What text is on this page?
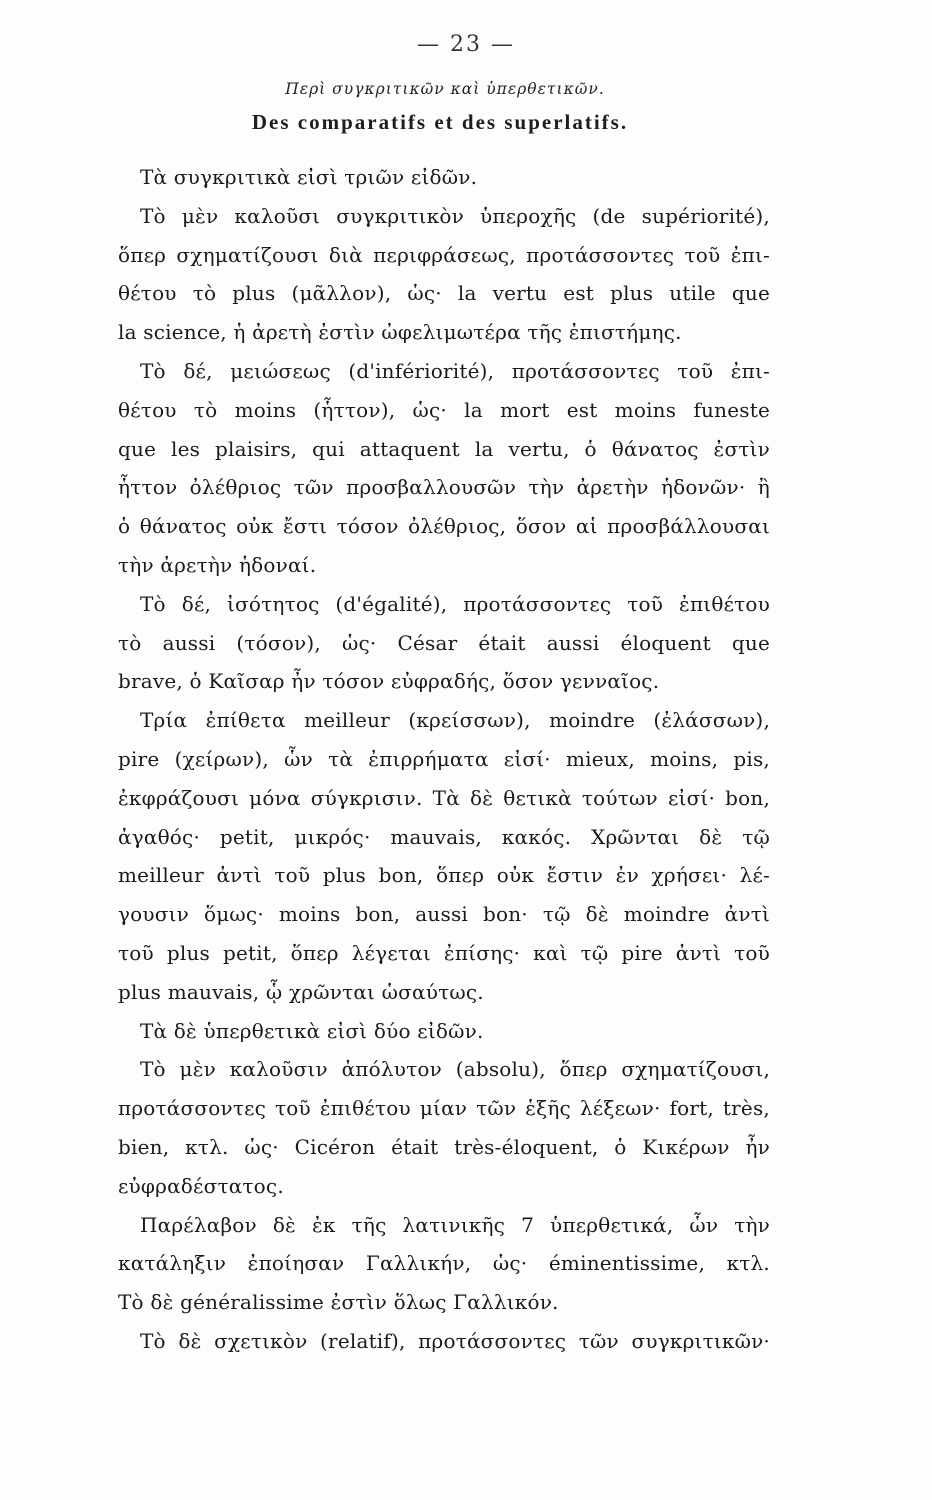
— 23 —
Περὶ συγκριτικῶν καὶ ὑπερθετικῶν.
Des comparatifs et des superlatifs.
Τὰ συγκριτικὰ εἰσὶ τριῶν εἰδῶν.
Τὸ μὲν καλοῦσι συγκριτικὸν ὑπεροχῆς (de supériorité),
ὅπερ σχηματίζουσι διὰ περιφράσεως, προτάσσοντες τοῦ ἐπι-
θέτου τὸ plus (μᾶλλον), ὡς· la vertu est plus utile que
la science, ἡ ἀρετὴ ἐστὶν ὠφελιμωτέρα τῆς ἐπιστήμης.
Τὸ δέ, μειώσεως (d'infériorité), προτάσσοντες τοῦ ἐπι-
θέτου τὸ moins (ἧττον), ὡς· la mort est moins funeste
que les plaisirs, qui attaquent la vertu, ὁ θάνατος ἐστὶν
ἧττον ὀλέθριος τῶν προσβαλλουσῶν τὴν ἀρετὴν ἡδονῶν· ἢ
ὁ θάνατος οὐκ ἔστι τόσον ὀλέθριος, ὅσον αἱ προσβάλλουσαι
τὴν ἀρετὴν ἡδοναί.
Τὸ δέ, ἰσότητος (d'égalité), προτάσσοντες τοῦ ἐπιθέτου
τὸ aussi (τόσον), ὡς· César était aussi éloquent que
brave, ὁ Καῖσαρ ἦν τόσον εὐφραδής, ὅσον γενναῖος.
Τρία ἐπίθετα meilleur (κρείσσων), moindre (ἐλάσσων),
pire (χείρων), ὧν τὰ ἐπιρρήματα εἰσί· mieux, moins, pis,
ἐκφράζουσι μόνα σύγκρισιν. Τὰ δὲ θετικὰ τούτων εἰσί· bon,
ἀγαθός· petit, μικρός· mauvais, κακός. Χρῶνται δὲ τῷ
meilleur ἀντὶ τοῦ plus bon, ὅπερ οὐκ ἔστιν ἐν χρήσει· λέ-
γουσιν ὅμως· moins bon, aussi bon· τῷ δὲ moindre ἀντὶ
τοῦ plus petit, ὅπερ λέγεται ἐπίσης· καὶ τῷ pire ἀντὶ τοῦ
plus mauvais, ᾧ χρῶνται ὡσαύτως.
Τὰ δὲ ὑπερθετικὰ εἰσὶ δύο εἰδῶν.
Τὸ μὲν καλοῦσιν ἀπόλυτον (absolu), ὅπερ σχηματίζουσι,
προτάσσοντες τοῦ ἐπιθέτου μίαν τῶν ἑξῆς λέξεων· fort, très,
bien, κτλ. ὡς· Cicéron était très-éloquent, ὁ Κικέρων ἦν
εὐφραδέστατος.
Παρέλαβον δὲ ἐκ τῆς λατινικῆς 7 ὑπερθετικά, ὧν τὴν
κατάληξιν ἐποίησαν Γαλλικήν, ὡς· éminentissime, κτλ.
Τὸ δὲ généralissime ἐστὶν ὅλως Γαλλικόν.
Τὸ δὲ σχετικὸν (relatif), προτάσσοντες τῶν συγκριτικῶν·
